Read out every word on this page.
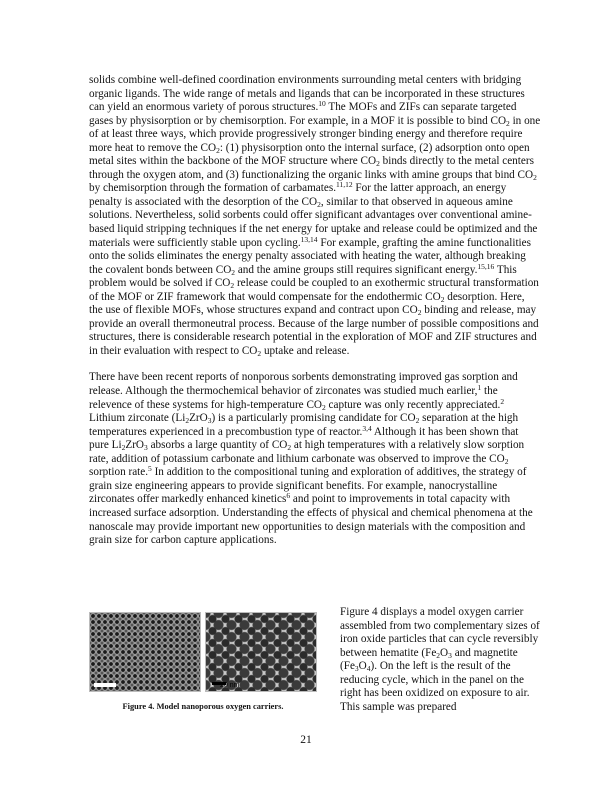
solids combine well-defined coordination environments surrounding metal centers with bridging organic ligands. The wide range of metals and ligands that can be incorporated in these structures can yield an enormous variety of porous structures.$^{10}$ The MOFs and ZIFs can separate targeted gases by physisorption or by chemisorption. For example, in a MOF it is possible to bind $CO_2$ in one of at least three ways, which provide progressively stronger binding energy and therefore require more heat to remove the $CO_2$: (1) physisorption onto the internal surface, (2) adsorption onto open metal sites within the backbone of the MOF structure where $CO_2$ binds directly to the metal centers through the oxygen atom, and (3) functionalizing the organic links with amine groups that bind $CO_2$ by chemisorption through the formation of carbamates.$^{11,12}$ For the latter approach, an energy penalty is associated with the desorption of the $CO_2$, similar to that observed in aqueous amine solutions. Nevertheless, solid sorbents could offer significant advantages over conventional amine-based liquid stripping techniques if the net energy for uptake and release could be optimized and the materials were sufficiently stable upon cycling.$^{13,14}$ For example, grafting the amine functionalities onto the solids eliminates the energy penalty associated with heating the water, although breaking the covalent bonds between $CO_2$ and the amine groups still requires significant energy.$^{15,16}$ This problem would be solved if $CO_2$ release could be coupled to an exothermic structural transformation of the MOF or ZIF framework that would compensate for the endothermic $CO_2$ desorption. Here, the use of flexible MOFs, whose structures expand and contract upon $CO_2$ binding and release, may provide an overall thermoneutral process. Because of the large number of possible compositions and structures, there is considerable research potential in the exploration of MOF and ZIF structures and in their evaluation with respect to $CO_2$ uptake and release.

There have been recent reports of nonporous sorbents demonstrating improved gas sorption and release. Although the thermochemical behavior of zirconates was studied much earlier,$^1$ the relevence of these systems for high-temperature $CO_2$ capture was only recently appreciated.$^2$ Lithium zirconate $(Li_2ZrO_3)$ is a particularly promising candidate for $CO_2$ separation at the high temperatures experienced in a precombustion type of reactor.$^{3,4}$ Although it has been shown that pure $Li_2ZrO_3$ absorbs a large quantity of $CO_2$ at high temperatures with a relatively slow sorption rate, addition of potassium carbonate and lithium carbonate was observed to improve the $CO_2$ sorption rate.$^5$ In addition to the compositional tuning and exploration of additives, the strategy of grain size engineering appears to provide significant benefits. For example, nanocrystalline zirconates offer markedly enhanced kinetics$^6$ and point to improvements in total capacity with increased surface adsorption. Understanding the effects of physical and chemical phenomena at the nanoscale may provide important new opportunities to design materials with the composition and grain size for carbon capture applications.

20 nm
Figure 4. Model nanoporous oxygen carriers.

Figure 4 displays a model oxygen carrier assembled from two complementary sizes of iron oxide particles that can cycle reversibly between hematite ($Fe_2O_3$ and magnetite $(Fe_3O_4)$. On the left is the result of the reducing cycle, which in the panel on the right has been oxidized on exposure to air. This sample was prepared

21
